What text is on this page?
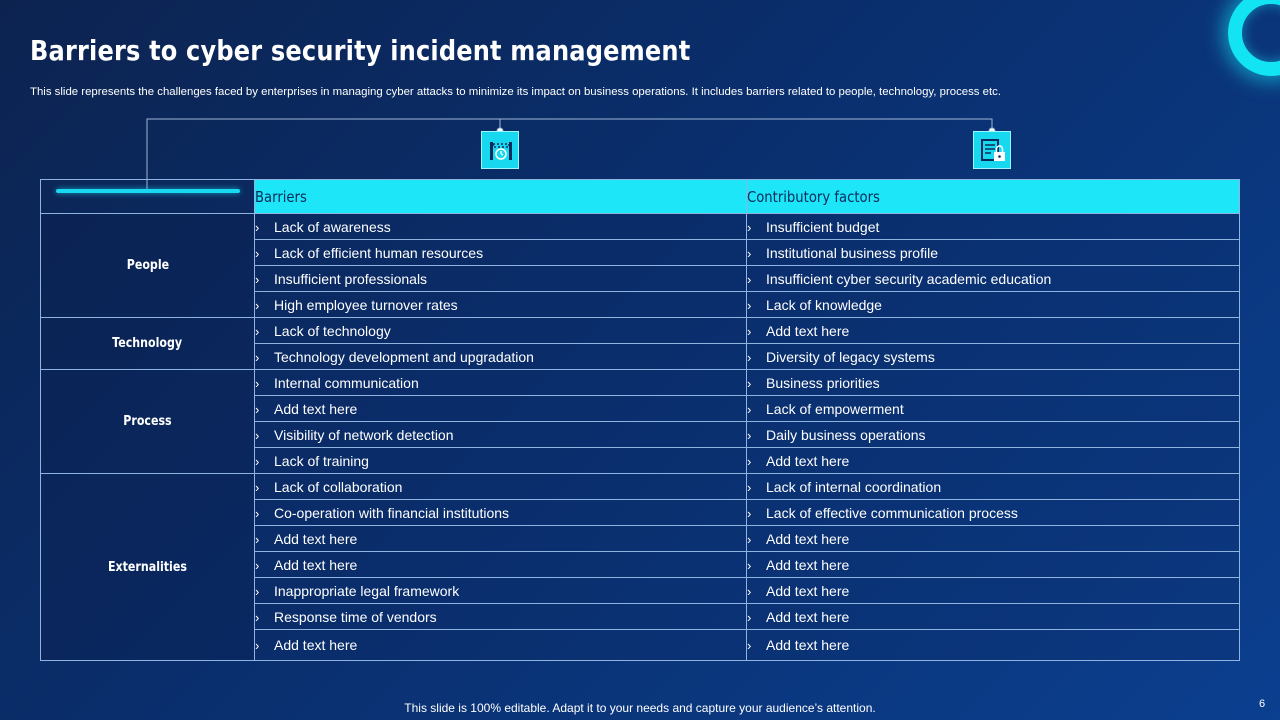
Barriers to cyber security incident management
This slide represents the challenges faced by enterprises in managing cyber attacks to minimize its impact on business operations. It includes barriers related to people, technology, process etc.
	Barriers	Contributory factors
People	› Lack of awareness	› Insufficient budget
	› Lack of efficient human resources	› Institutional business profile
	› Insufficient professionals	› Insufficient cyber security academic education
	› High employee turnover rates	› Lack of knowledge
Technology	› Lack of technology	› Add text here
	› Technology development and upgradation	› Diversity of legacy systems
Process	› Internal communication	› Business priorities
	› Add text here	› Lack of empowerment
	› Visibility of network detection	› Daily business operations
	› Lack of training	› Add text here
Externalities	› Lack of collaboration	› Lack of internal coordination
	› Co-operation with financial institutions	› Lack of effective communication process
	› Add text here	› Add text here
	› Add text here	› Add text here
	› Inappropriate legal framework	› Add text here
	› Response time of vendors	› Add text here
	› Add text here	› Add text here
This slide is 100% editable. Adapt it to your needs and capture your audience’s attention.	6
